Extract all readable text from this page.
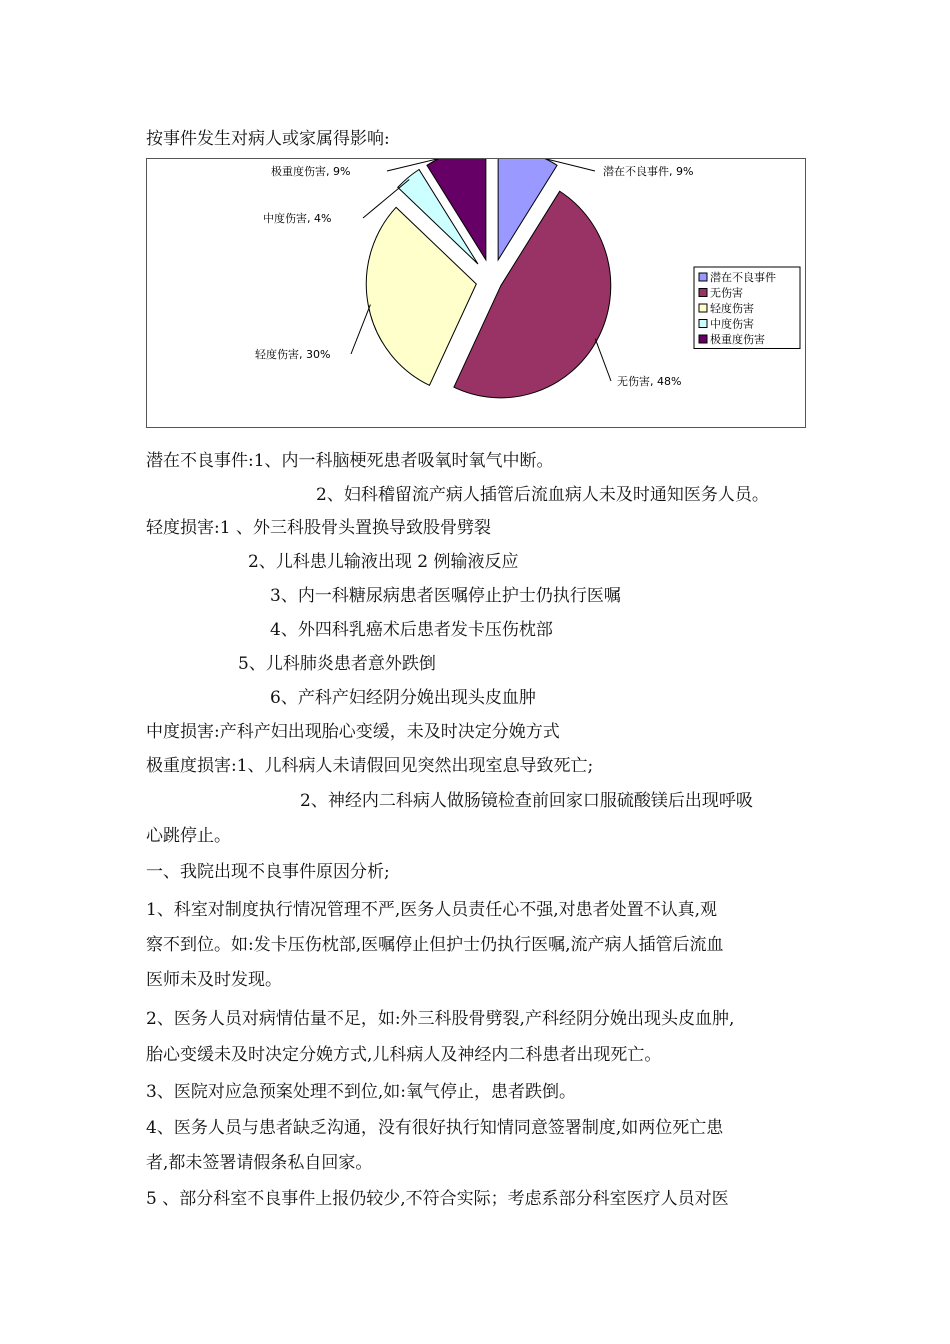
按事件发生对病人或家属得影响:
潜在不良事件, 9%
无伤害, 48%
轻度伤害, 30%
中度伤害, 4%
极重度伤害, 9%
潜在不良事件
无伤害
轻度伤害
中度伤害
极重度伤害
潜在不良事件:1、内一科脑梗死患者吸氧时氧气中断。
2、妇科稽留流产病人插管后流血病人未及时通知医务人员。
轻度损害:1 、外三科股骨头置换导致股骨劈裂
2、儿科患儿输液出现 2 例输液反应
3、内一科糖尿病患者医嘱停止护士仍执行医嘱
4、外四科乳癌术后患者发卡压伤枕部
5、儿科肺炎患者意外跌倒
6、产科产妇经阴分娩出现头皮血肿
中度损害:产科产妇出现胎心变缓，未及时决定分娩方式
极重度损害:1、儿科病人未请假回见突然出现室息导致死亡;
2、神经内二科病人做肠镜检查前回家口服硫酸镁后出现呼吸
心跳停止。
一、我院出现不良事件原因分析;
1、科室对制度执行情况管理不严,医务人员责任心不强,对患者处置不认真,观
察不到位。如:发卡压伤枕部,医嘱停止但护士仍执行医嘱,流产病人插管后流血
医师未及时发现。
2、医务人员对病情估量不足，如:外三科股骨劈裂,产科经阴分娩出现头皮血肿,
胎心变缓未及时决定分娩方式,儿科病人及神经内二科患者出现死亡。
3、医院对应急预案处理不到位,如:氧气停止，患者跌倒。
4、医务人员与患者缺乏沟通，没有很好执行知情同意签署制度,如两位死亡患
者,都未签署请假条私自回家。
5 、部分科室不良事件上报仍较少,不符合实际；考虑系部分科室医疗人员对医
